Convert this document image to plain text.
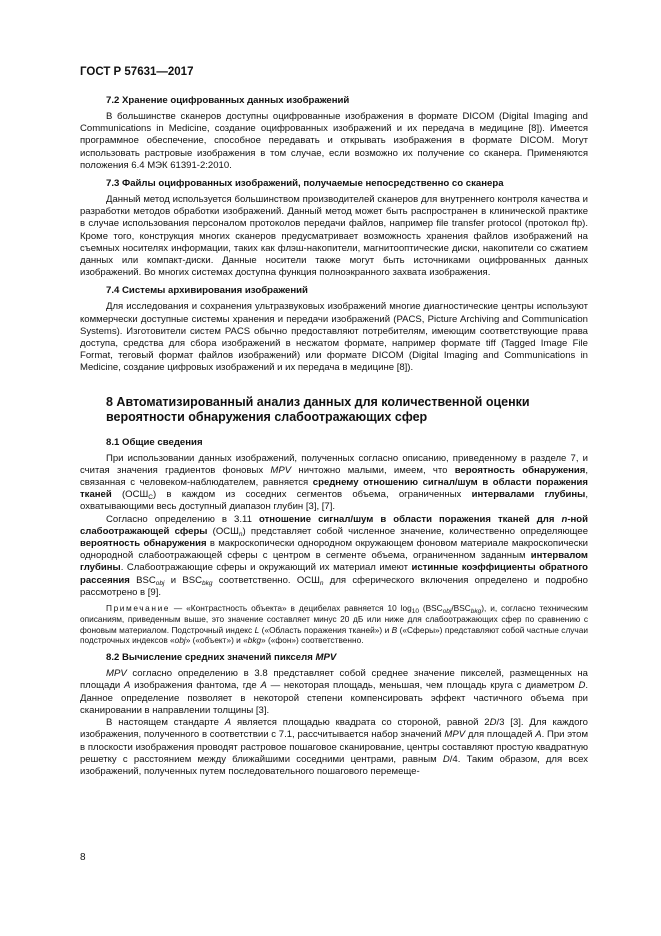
ГОСТ Р 57631—2017
7.2 Хранение оцифрованных данных изображений

В большинстве сканеров доступны оцифрованные изображения в формате DICOM (Digital Imaging and Communications in Medicine, создание оцифрованных изображений и их передача в медицине [8]). Имеется программное обеспечение, способное передавать и открывать изображения в формате DICOM. Могут использовать растровые изображения в том случае, если возможно их получение со сканера. Применяются положения 6.4 МЭК 61391-2:2010.

7.3 Файлы оцифрованных изображений, получаемые непосредственно со сканера

Данный метод используется большинством производителей сканеров для внутреннего контроля качества и разработки методов обработки изображений. Данный метод может быть распространен в клинической практике в случае использования персоналом протоколов передачи файлов, например file transfer protocol (протокол ftp). Кроме того, конструкция многих сканеров предусматривает возможность хранения файлов изображений на съемных носителях информации, таких как флэш-накопители, магнитооптические диски, накопители со сжатием данных или компакт-диски. Данные носители также могут быть источниками оцифрованных данных изображений. Во многих системах доступна функция полноэкранного захвата изображения.

7.4 Системы архивирования изображений

Для исследования и сохранения ультразвуковых изображений многие диагностические центры используют коммерчески доступные системы хранения и передачи изображений (PACS, Picture Archiving and Communication Systems). Изготовители систем PACS обычно предоставляют потребителям, имеющим соответствующие права доступа, средства для сбора изображений в несжатом формате, например формате tiff (Tagged Image File Format, теговый формат файлов изображений) или формате DICOM (Digital Imaging and Communications in Medicine, создание цифровых изображений и их передача в медицине [8]).

8 Автоматизированный анализ данных для количественной оценки вероятности обнаружения слабоотражающих сфер
8.1 Общие сведения

При использовании данных изображений, полученных согласно описанию, приведенному в разделе 7, и считая значения градиентов фоновых MPV ничтожно малыми, имеем, что вероятность обнаружения, связанная с человеком-наблюдателем, равняется среднему отношению сигнал/шум в области поражения тканей $(ОСШ_C)$ в каждом из соседних сегментов объема, ограниченных интервалами глубины, охватывающими весь доступный диапазон глубин [3], [7].

Согласно определению в 3.11 отношение сигнал/шум в области поражения тканей для n-ной слабоотражающей сферы $(ОСШ_n)$ представляет собой численное значение, количественно определяющее вероятность обнаружения в макроскопически однородном окружающем фоновом материале макроскопически однородной слабоотражающей сферы с центром в сегменте объема, ограниченном заданным интервалом глубины. Слабоотражающие сферы и окружающий их материал имеют истинные коэффициенты обратного рассеяния $BSC_{obj}$ и $BSC_{bkg}$ соответственно. $ОСШ_n$ для сферического включения определено и подробно рассмотрено в [9].

Примечание — «Контрастность объекта» в децибелах равняется 10 $\log_{10} (BSC_{obj}/BSC_{bkg})$, и, согласно техническим описаниям, приведенным выше, это значение составляет минус 20 дБ или ниже для слабоотражающих сфер по сравнению с фоновым материалом. Подстрочный индекс L («Область поражения тканей») и B («Сферы») представляют собой частные случаи подстрочных индексов «obj» («объект») и «bkg» («фон») соответственно.

8.2 Вычисление средних значений пикселя MPV

MPV согласно определению в 3.8 представляет собой среднее значение пикселей, размещенных на площади A изображения фантома, где A — некоторая площадь, меньшая, чем площадь круга с диаметром D. Данное определение позволяет в некоторой степени компенсировать эффект частичного объема при сканировании в направлении толщины [3].

В настоящем стандарте A является площадью квадрата со стороной, равной 2D/3 [3]. Для каждого изображения, полученного в соответствии с 7.1, рассчитывается набор значений MPV для площадей A. При этом в плоскости изображения проводят растровое пошаговое сканирование, центры составляют простую квадратную решетку с расстоянием между ближайшими соседними центрами, равным D/4. Таким образом, для всех изображений, полученных путем последовательного пошагового перемеще-

8
